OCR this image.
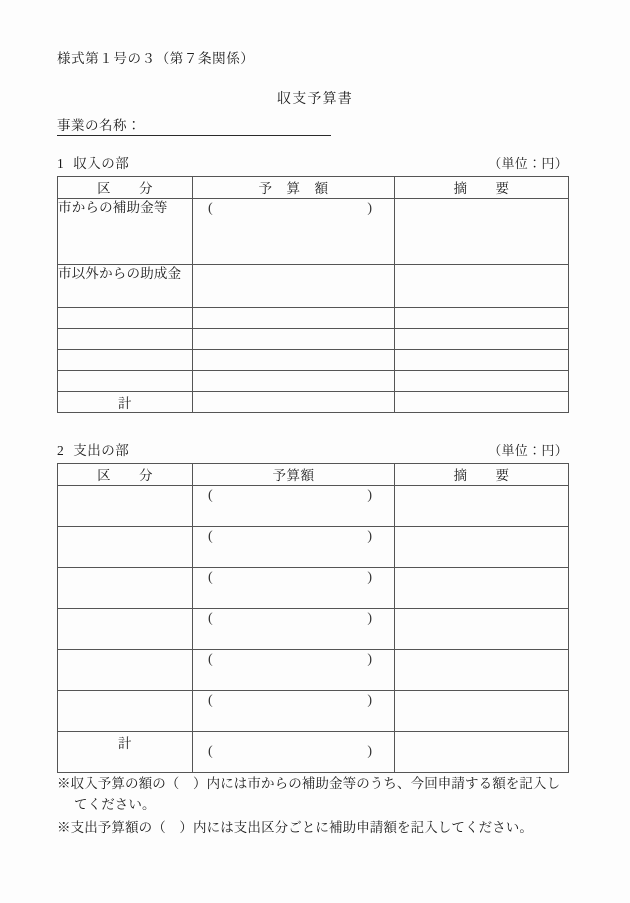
様式第１号の３（第７条関係）
収支予算書
事業の名称：
1 収入の部	（単位：円）
区　　分	予　算　額	摘　　要
市からの補助金等	( )	

市以外からの助成金		

計		
2 支出の部	（単位：円）
区　　分	予算額	摘　　要

	( )	

	( )	

	( )	

	( )	

	( )	

	( )	

計	( )	

※収入予算の額の（　）内には市からの補助金等のうち、今回申請する額を記入し
てください。
※支出予算額の（　）内には支出区分ごとに補助申請額を記入してください。
